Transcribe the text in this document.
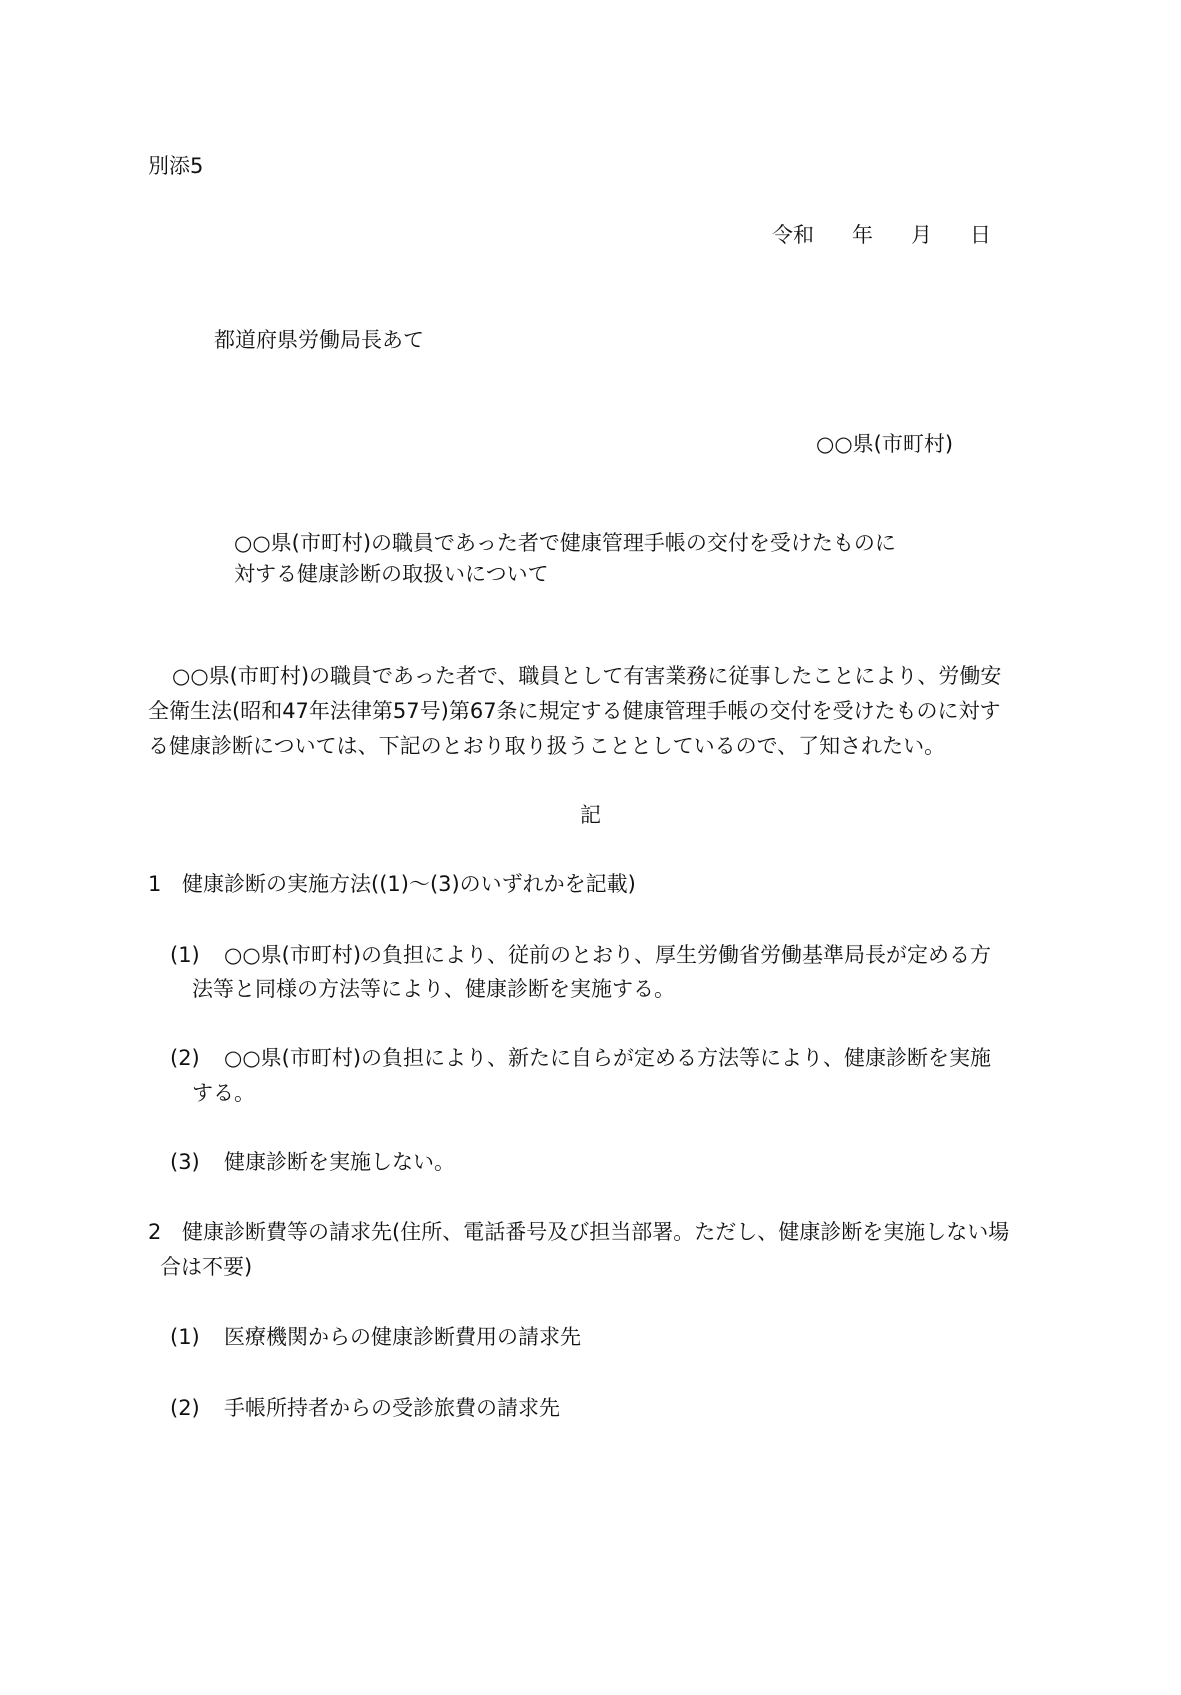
別添5
令和 年 月 日
都道府県労働局長あて
○○県(市町村)
○○県(市町村)の職員であった者で健康管理手帳の交付を受けたものに
対する健康診断の取扱いについて
○○県(市町村)の職員であった者で、職員として有害業務に従事したことにより、労働安
全衛生法(昭和47年法律第57号)第67条に規定する健康管理手帳の交付を受けたものに対す
る健康診断については、下記のとおり取り扱うこととしているので、了知されたい。
記
1 健康診断の実施方法((1)～(3)のいずれかを記載)
(1) ○○県(市町村)の負担により、従前のとおり、厚生労働省労働基準局長が定める方
法等と同様の方法等により、健康診断を実施する。
(2) ○○県(市町村)の負担により、新たに自らが定める方法等により、健康診断を実施
する。
(3) 健康診断を実施しない。
2 健康診断費等の請求先(住所、電話番号及び担当部署。ただし、健康診断を実施しない場
合は不要)
(1) 医療機関からの健康診断費用の請求先
(2) 手帳所持者からの受診旅費の請求先
